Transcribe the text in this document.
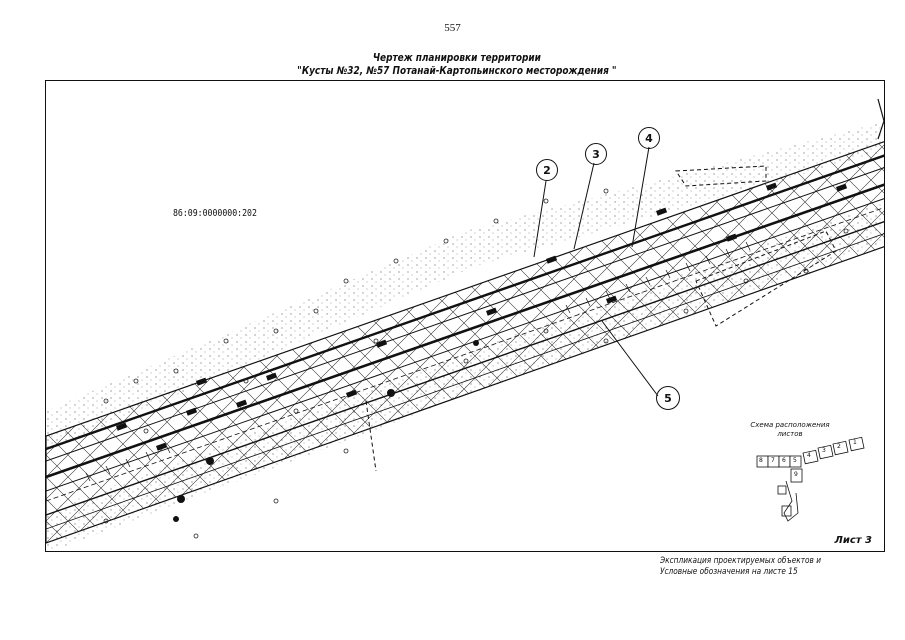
557
Чертеж планировки территории
"Кусты №32, №57 Потанай-Картопьинского месторождения "
86:09:0000000:202
2
3
4
5
Схема расположения
листов
8 7 6 5
4
3
2
1
9
Лист 3
Экспликация проектируемых объектов и
Условные обозначения на листе 15
